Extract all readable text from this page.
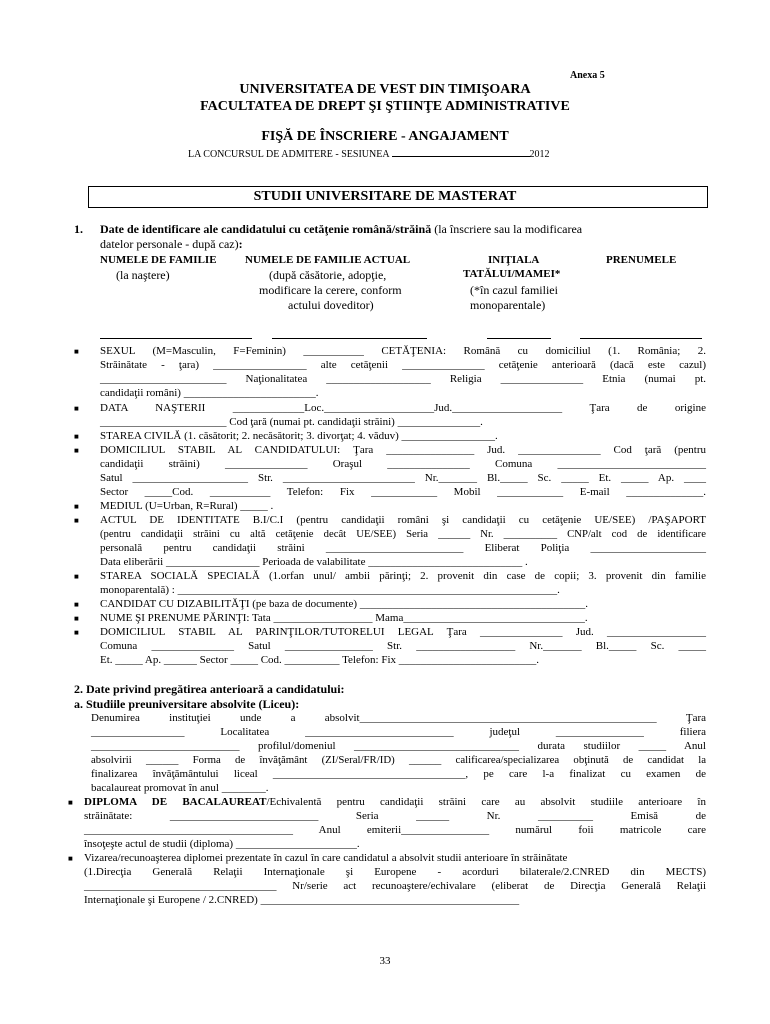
Anexa 5
UNIVERSITATEA DE VEST DIN TIMIŞOARA
FACULTATEA DE DREPT ŞI ŞTIINŢE ADMINISTRATIVE
FIŞĂ DE ÎNSCRIERE - ANGAJAMENT
LA CONCURSUL DE ADMITERE - SESIUNEA	2012
STUDII UNIVERSITARE DE MASTERAT
1. Date de identificare ale candidatului cu cetăţenie română/străină (la înscriere sau la modificarea
datelor personale - după caz):
NUMELE DE FAMILIE
(la naştere)
NUMELE DE FAMILIE ACTUAL
(după căsătorie, adopţie,
modificare la cerere, conform
actului doveditor)
INIŢIALA
TATĂLUI/MAMEI*
(*în cazul familiei
monoparentale)
PRENUMELE
■
■
■
■
■
■
■
■
■
■
SEXUL (M=Masculin, F=Feminin) ___________ CETĂŢENIA: Română cu domiciliul (1. România; 2.
Străinătate - ţara) _________________ alte cetăţenii _______________ cetăţenie anterioară (dacă este cazul)
_______________________ Naţionalitatea ___________________ Religia _______________ Etnia (numai pt.
candidaţii români) ________________________.
DATA NAŞTERII _____________Loc.____________________Jud.____________________ Ţara de origine
_______________________ Cod ţară (numai pt. candidaţii străini) _______________.
STAREA CIVILĂ (1. căsătorit; 2. necăsătorit; 3. divorţat; 4. văduv) _________________.
DOMICILIUL STABIL AL CANDIDATULUI: Ţara ________________ Jud. _______________ Cod ţară (pentru
candidaţii străini) _______________ Oraşul _______________ Comuna ___________________________
Satul _____________________ Str. ________________________ Nr._______ Bl._____ Sc. _____ Et. _____ Ap. ____
Sector _____Cod. ___________ Telefon: Fix ____________ Mobil ____________ E-mail ______________.
MEDIUL (U=Urban, R=Rural) _____ .
ACTUL DE IDENTITATE B.I/C.I (pentru candidaţii români şi candidaţii cu cetăţenie UE/SEE) /PAŞAPORT
(pentru candidaţii străini cu altă cetăţenie decât UE/SEE) Seria ______ Nr. __________ CNP/alt cod de identificare
personală pentru candidaţii străini _________________________ Eliberat Poliţia _____________________
Data eliberării _________________ Perioada de valabilitate ____________________________ .
STAREA SOCIALĂ SPECIALĂ (1.orfan unul/ ambii părinţi; 2. provenit din case de copii; 3. provenit din familie
monoparentală) : _____________________________________________________________________.
CANDIDAT CU DIZABILITĂŢI (pe baza de documente) _________________________________________.
NUME ŞI PRENUME PĂRINŢI: Tata __________________ Mama_________________________________.
DOMICILIUL STABIL AL PARINŢILOR/TUTORELUI LEGAL Ţara _______________ Jud. __________________
Comuna _______________ Satul ________________ Str. __________________ Nr._______ Bl._____ Sc. _____
Et. _____ Ap. ______ Sector _____ Cod. __________ Telefon: Fix _________________________.
2. Date privind pregătirea anterioară a candidatului:
a. Studiile preuniversitare absolvite (Liceu):
Denumirea instituţiei unde a absolvit______________________________________________________ Ţara
_________________ Localitatea ___________________________ judeţul ________________ filiera
___________________________ profilul/domeniul ______________________________ durata studiilor _____ Anul
absolvirii ______ Forma de învăţământ (ZI/Seral/FR/ID) ______ calificarea/specializarea obţinută de candidat la
finalizarea învăţământului liceal ___________________________________, pe care l-a finalizat cu examen de
bacalaureat promovat în anul ________.
■ DIPLOMA DE BACALAUREAT/Echivalentă pentru candidaţii străini care au absolvit studiile anterioare în
străinătate: ___________________________ Seria ______ Nr. __________ Emisă de
______________________________________ Anul emiterii________________ numărul foii matricole care
însoţeşte actul de studii (diploma) ______________________.
■ Vizarea/recunoaşterea diplomei prezentate în cazul în care candidatul a absolvit studii anterioare în străinătate
(1.Direcţia Generală Relaţii Internaţionale şi Europene - acorduri bilaterale/2.CNRED din MECTS)
___________________________________ Nr/serie act recunoaştere/echivalare (eliberat de Direcţia Generală Relaţii
Internaţionale şi Europene / 2.CNRED) _______________________________________________
33
